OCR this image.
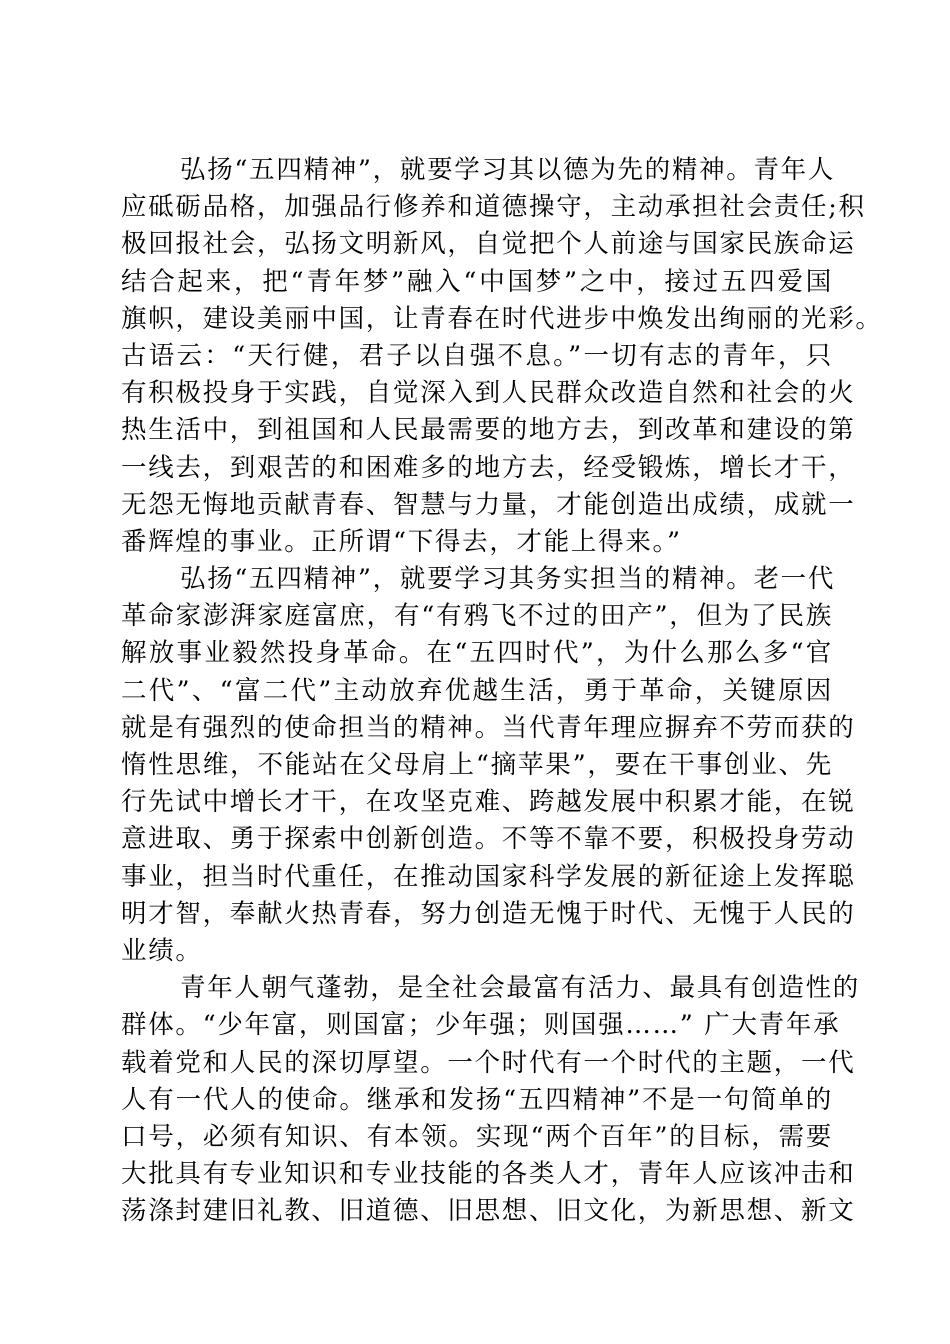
弘扬“五四精神”，就要学习其以德为先的精神。青年人
应砥砺品格，加强品行修养和道德操守，主动承担社会责任;积
极回报社会，弘扬文明新风，自觉把个人前途与国家民族命运
结合起来，把“青年梦”融入“中国梦”之中，接过五四爱国
旗帜，建设美丽中国，让青春在时代进步中焕发出绚丽的光彩。
古语云：“天行健，君子以自强不息。”一切有志的青年，只
有积极投身于实践，自觉深入到人民群众改造自然和社会的火
热生活中，到祖国和人民最需要的地方去，到改革和建设的第
一线去，到艰苦的和困难多的地方去，经受锻炼，增长才干，
无怨无悔地贡献青春、智慧与力量，才能创造出成绩，成就一
番辉煌的事业。正所谓“下得去，才能上得来。”
弘扬“五四精神”，就要学习其务实担当的精神。老一代
革命家澎湃家庭富庶，有“有鸦飞不过的田产”，但为了民族
解放事业毅然投身革命。在“五四时代”，为什么那么多“官
二代”、“富二代”主动放弃优越生活，勇于革命，关键原因
就是有强烈的使命担当的精神。当代青年理应摒弃不劳而获的
惰性思维，不能站在父母肩上“摘苹果”，要在干事创业、先
行先试中增长才干，在攻坚克难、跨越发展中积累才能，在锐
意进取、勇于探索中创新创造。不等不靠不要，积极投身劳动
事业，担当时代重任，在推动国家科学发展的新征途上发挥聪
明才智，奉献火热青春，努力创造无愧于时代、无愧于人民的
业绩。
青年人朝气蓬勃，是全社会最富有活力、最具有创造性的
群体。“少年富，则国富；少年强；则国强……” 广大青年承
载着党和人民的深切厚望。一个时代有一个时代的主题，一代
人有一代人的使命。继承和发扬“五四精神”不是一句简单的
口号，必须有知识、有本领。实现“两个百年”的目标，需要
大批具有专业知识和专业技能的各类人才，青年人应该冲击和
荡涤封建旧礼教、旧道德、旧思想、旧文化，为新思想、新文
